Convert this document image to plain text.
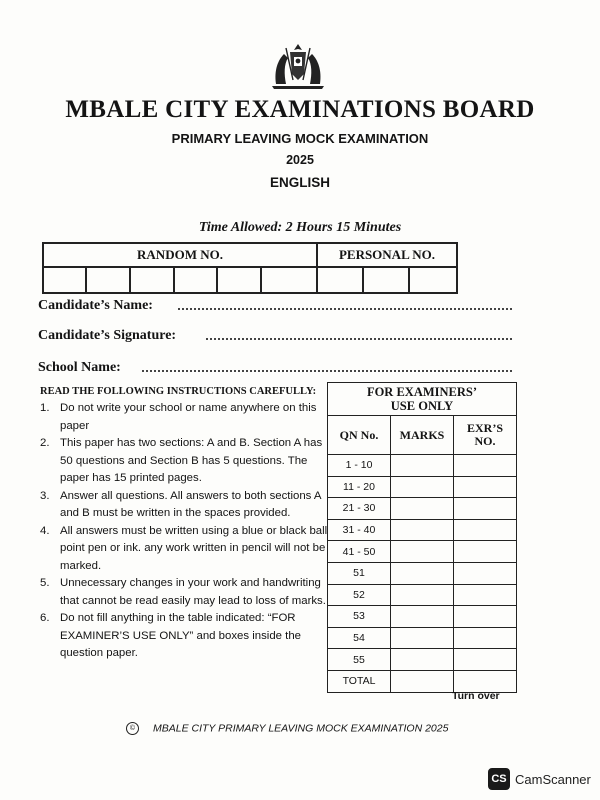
MBALE CITY EXAMINATIONS BOARD
PRIMARY LEAVING MOCK EXAMINATION
2025
ENGLISH
Time Allowed: 2 Hours 15 Minutes
RANDOM NO.						PERSONAL NO.		

Candidate’s Name:
Candidate’s Signature:
School Name:
READ THE FOLLOWING INSTRUCTIONS CAREFULLY:
1. Do not write your school or name anywhere on this paper
2. This paper has two sections: A and B. Section A has 50 questions and Section B has 5 questions. The paper has 15 printed pages.
3. Answer all questions. All answers to both sections A and B must be written in the spaces provided.
4. All answers must be written using a blue or black ball point pen or ink. any work written in pencil will not be marked.
5. Unnecessary changes in your work and handwriting that cannot be read easily may lead to loss of marks.
6. Do not fill anything in the table indicated: “FOR EXAMINER’S USE ONLY” and boxes inside the question paper.
FOR EXAMINERS’
USE ONLY		
QN No.	MARKS	EXR’S
NO.
1 - 10		
11 - 20		
21 - 30		
31 - 40		
41 - 50		
51		
52		
53		
54		
55		
TOTAL		
Turn over
© MBALE CITY PRIMARY LEAVING MOCK EXAMINATION 2025
CS CamScanner
